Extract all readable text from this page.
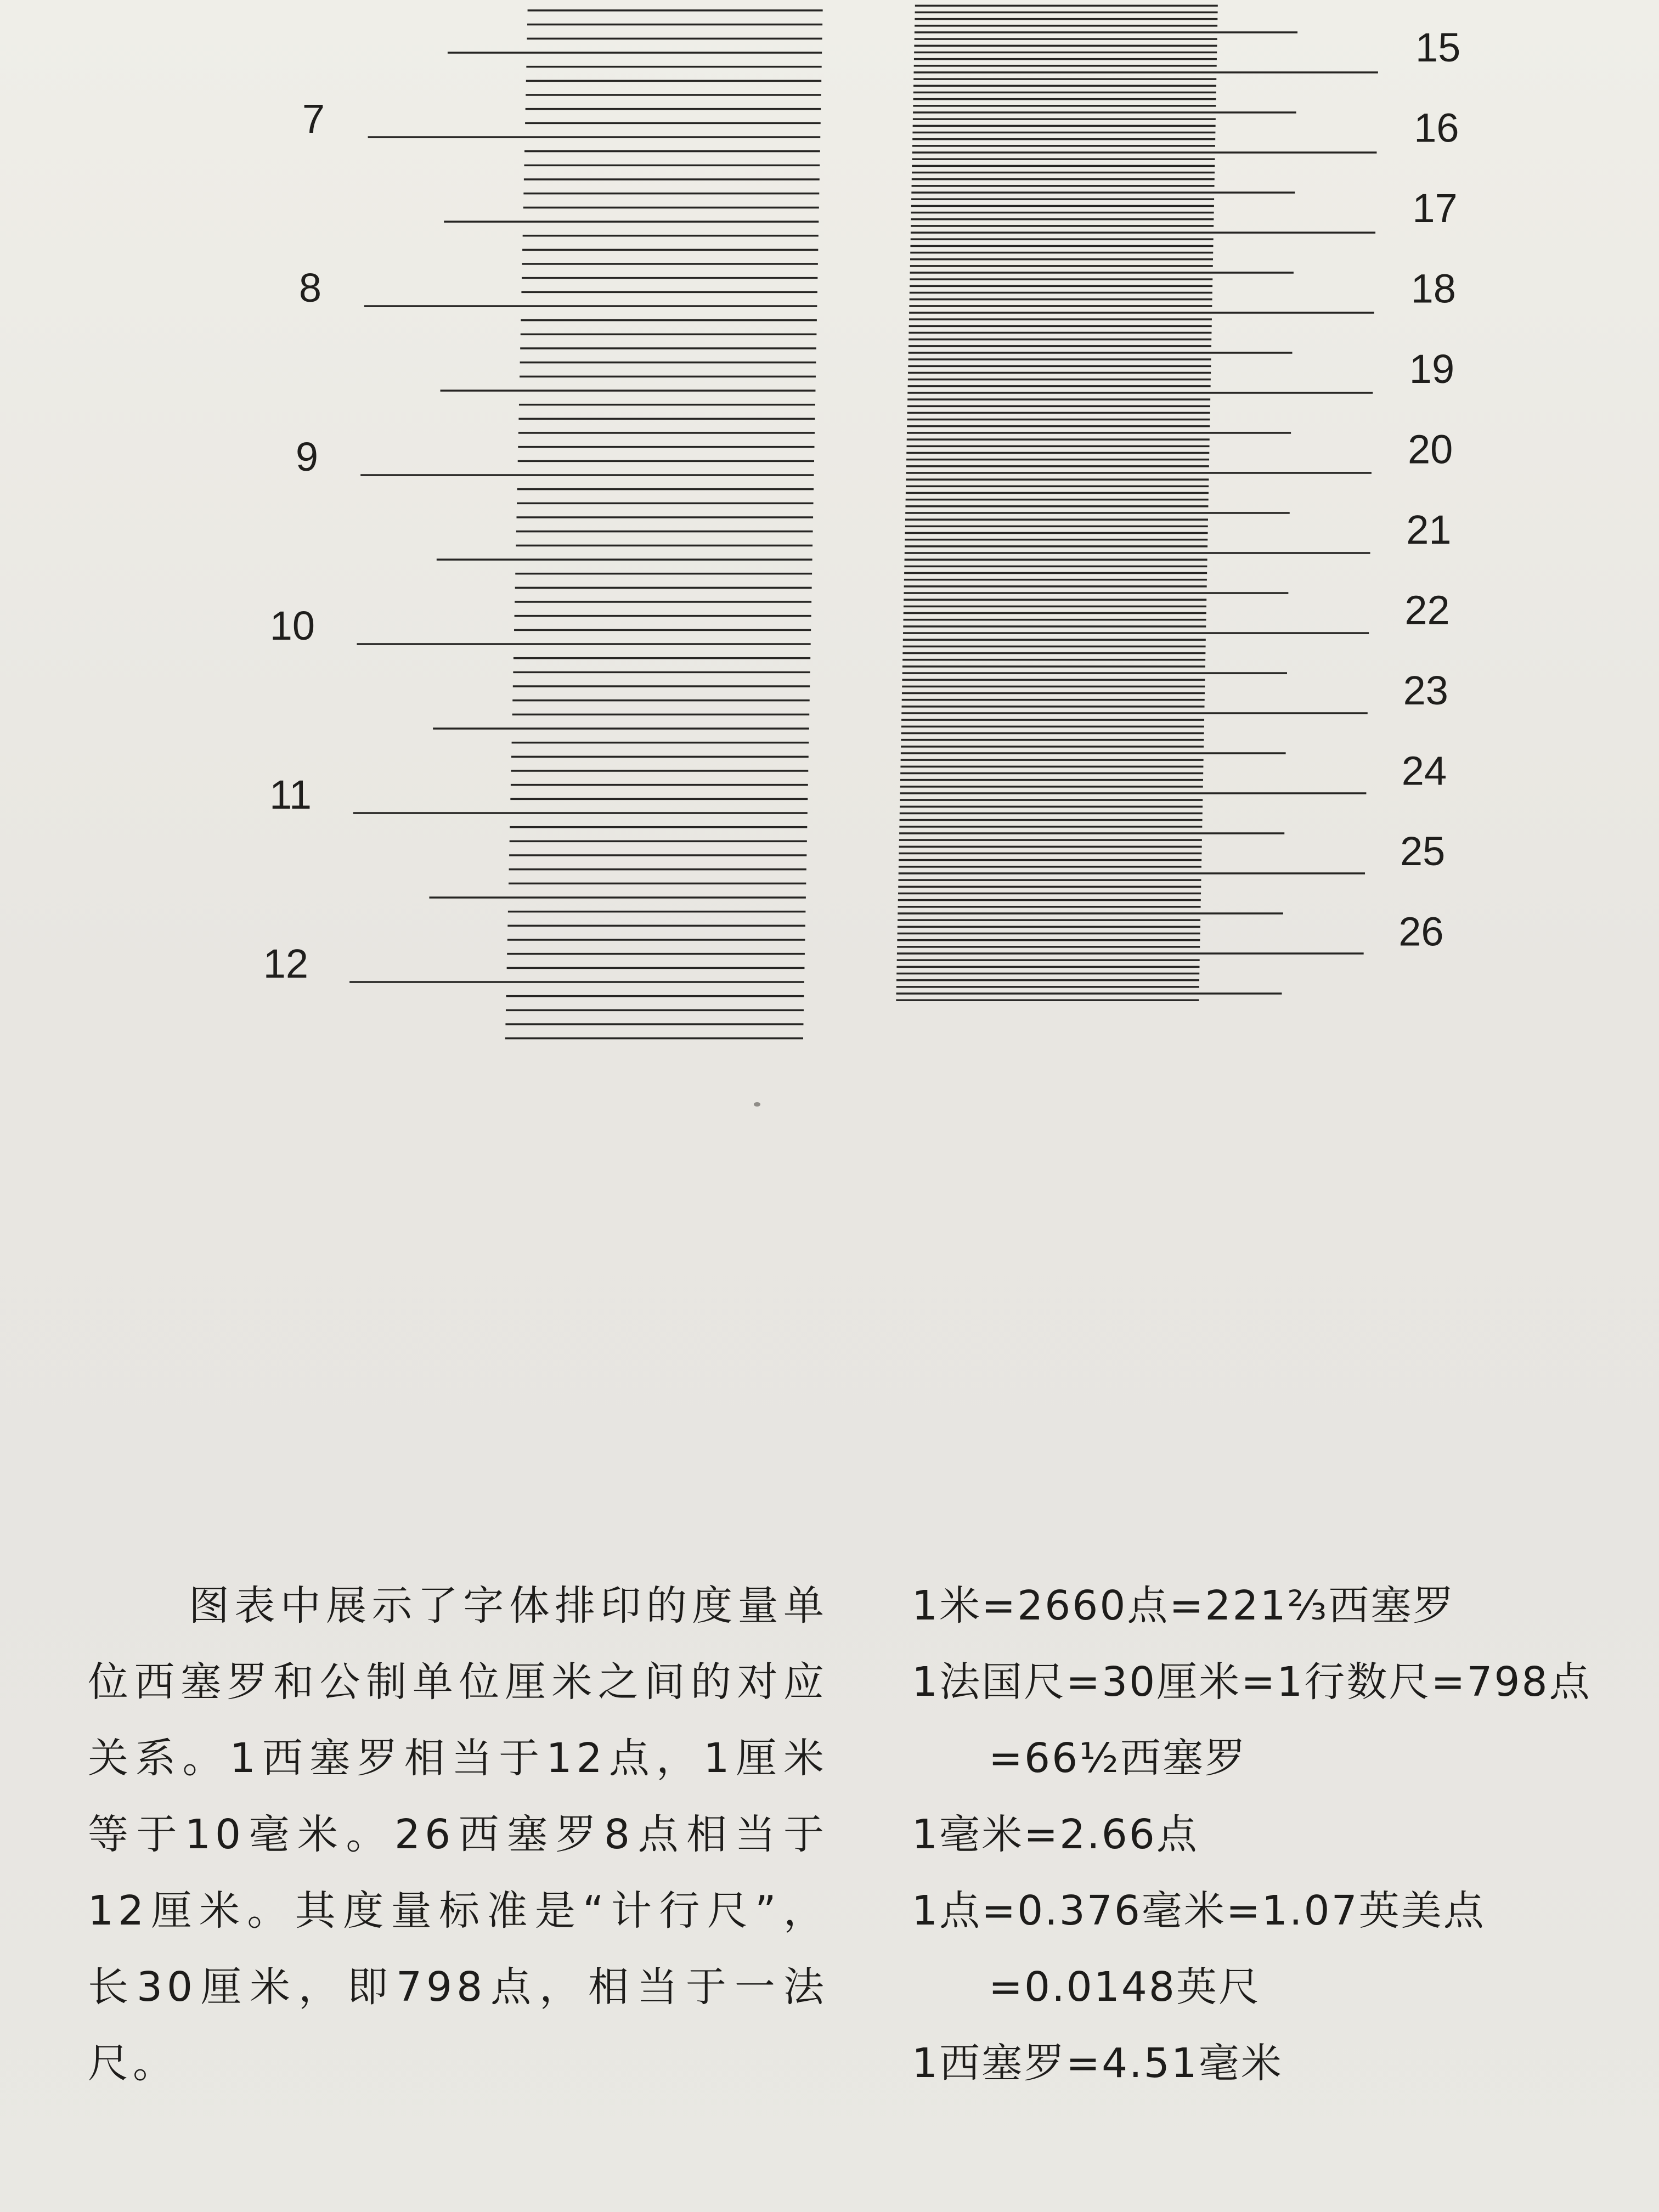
7
8
9
10
11
12
15
16
17
18
19
20
21
22
23
24
25
26

图表中展示了字体排印的度量单位西塞罗和公制单位厘米之间的对应关系。1西塞罗相当于12点，1厘米等于10毫米。26西塞罗8点相当于12厘米。其度量标准是“计行尺”，长30厘米，即798点，相当于一法尺。

1米=2660点=221⅔西塞罗
1法国尺=30厘米=1行数尺=798点
=66½西塞罗
1毫米=2.66点
1点=0.376毫米=1.07英美点
=0.0148英尺
1西塞罗=4.51毫米
